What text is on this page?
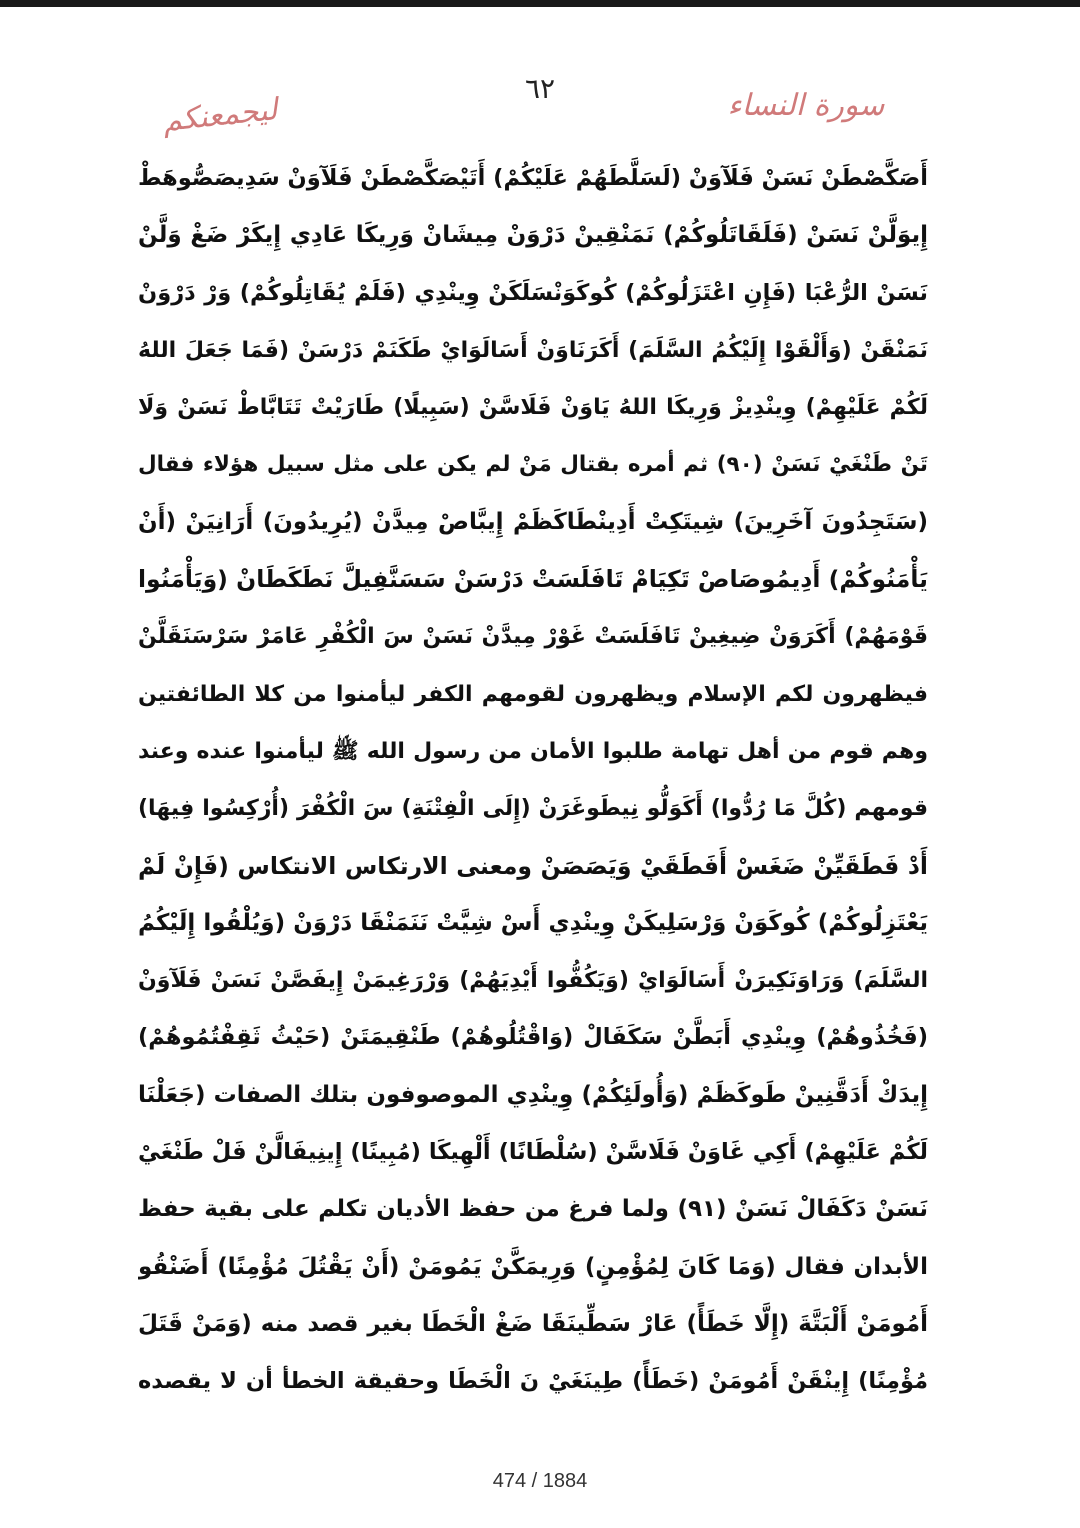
٦٢	سورة النساء
ليجمعنكم
أَصَكَّصْطَنْ نَسَنْ فَلَآوَنْ (لَسَلَّطَهُمْ عَلَيْكُمْ) أَتَيْصَكَّصْطَنْ فَلَآوَنْ سَدِيصَصُّوهَطْ
إِيوَلَّنْ نَسَنْ (فَلَقَاتَلُوكُمْ) نَمَنْقِينْ دَرْوَنْ مِيشَانْ وَرِيكَا عَادِي إِيكَرْ ضَغْ وَلَّنْ
نَسَنْ الرُّعْبَا (فَإِنِ اعْتَزَلُوكُمْ) كُوكَوَنْسَلَكَنْ وِينْدِي (فَلَمْ يُقَاتِلُوكُمْ) وَرْ دَرْوَنْ
نَمَنْقَنْ (وَأَلْقَوْا إِلَيْكُمُ السَّلَمَ) أَكَرَنَاوَنْ أَسَالَوَايْ طَكَنَمْ دَرْسَنْ (فَمَا جَعَلَ اللهُ
لَكُمْ عَلَيْهِمْ) وِينْدِيزْ وَرِيكَا اللهُ يَاوَنْ فَلَاسَّنْ (سَبِيلًا) طَارَيْتْ تَتَابَّاطْ نَسَنْ وَلَا
تَنْ طَنْغَيْ نَسَنْ (٩٠) ثم أمره بقتال مَنْ لم يكن على مثل سبيل هؤلاء فقال
(سَتَجِدُونَ آخَرِينَ) شِيتَكِتْ أَدِينْطَاكَظَمْ إِيبَّاصْ مِيدَّنْ (يُرِيدُونَ) أَرَانِيَنْ (أَنْ
يَأْمَنُوكُمْ) أَدِيمُوصَاصْ تَكِيَامْ تَافَلَسَتْ دَرْسَنْ سَسَنَّفِيلَّ نَطَكَطَانْ (وَيَأْمَنُوا
قَوْمَهُمْ) أَكَرَوَنْ ضِيغِينْ تَافَلَسَتْ غَوْرْ مِيدَّنْ نَسَنْ سَ الْكُفْرِ عَامَرْ سَرْسَنَقَلَّنْ
فيظهرون لكم الإسلام ويظهرون لقومهم الكفر ليأمنوا من كلا الطائفتين
وهم قوم من أهل تهامة طلبوا الأمان من رسول الله ﷺ ليأمنوا عنده وعند
قومهم (كُلَّ مَا رُدُّوا) أَكَوَلُّو نِيطَوغَرَنْ (إِلَى الْفِتْنَةِ) سَ الْكُفْرَ (أُرْكِسُوا فِيهَا)
أَدْ فَطَقَيِّنْ ضَغَسْ أَفَطَقَيْ وَيَصَصَنْ ومعنى الارتكاس الانتكاس (فَإِنْ لَمْ
يَعْتَزِلُوكُمْ) كُوكَوَنْ وَرْسَلِيكَنْ وِينْدِي أَسْ شِيَّتْ نَنَمَنْقَا دَرْوَنْ (وَيُلْقُوا إِلَيْكُمُ
السَّلَمَ) وَرَاوَنَكِيرَنْ أَسَالَوَايْ (وَيَكُفُّوا أَيْدِيَهُمْ) وَرْرَغِيمَنْ إِيفَصَّنْ نَسَنْ فَلَآوَنْ
(فَخُذُوهُمْ) وِينْدِي أَبَطَّنْ سَكَفَالْ (وَاقْتُلُوهُمْ) طَنْقِيمَتَنْ (حَيْثُ ثَقِفْتُمُوهُمْ)
إِيدَكْ أَدَقَّنِينْ طَوكَظَمْ (وَأُولَئِكُمْ) وِينْدِي الموصوفون بتلك الصفات (جَعَلْنَا
لَكُمْ عَلَيْهِمْ) أَكِي غَاوَنْ فَلَاسَّنْ (سُلْطَانًا) أَلْهِيكَا (مُبِينًا) إِينِيفَالَّنْ فَلْ طَنْغَيْ
نَسَنْ دَكَفَالْ نَسَنْ (٩١) ولما فرغ من حفظ الأديان تكلم على بقية حفظ
الأبدان فقال (وَمَا كَانَ لِمُؤْمِنٍ) وَرِيمَكَّنْ يَمُومَنْ (أَنْ يَقْتُلَ مُؤْمِنًا) أَضَنْقُو
أَمُومَنْ أَلْبَتَّةَ (إِلَّا خَطَأً) عَارْ سَطِّينَقَا ضَغْ الْخَطَا بغير قصد منه (وَمَنْ قَتَلَ
مُؤْمِنًا) إِينْقَنْ أَمُومَنْ (خَطَأً) طِينَغَيْ نَ الْخَطَا وحقيقة الخطأ أن لا يقصده
474 / 1884
